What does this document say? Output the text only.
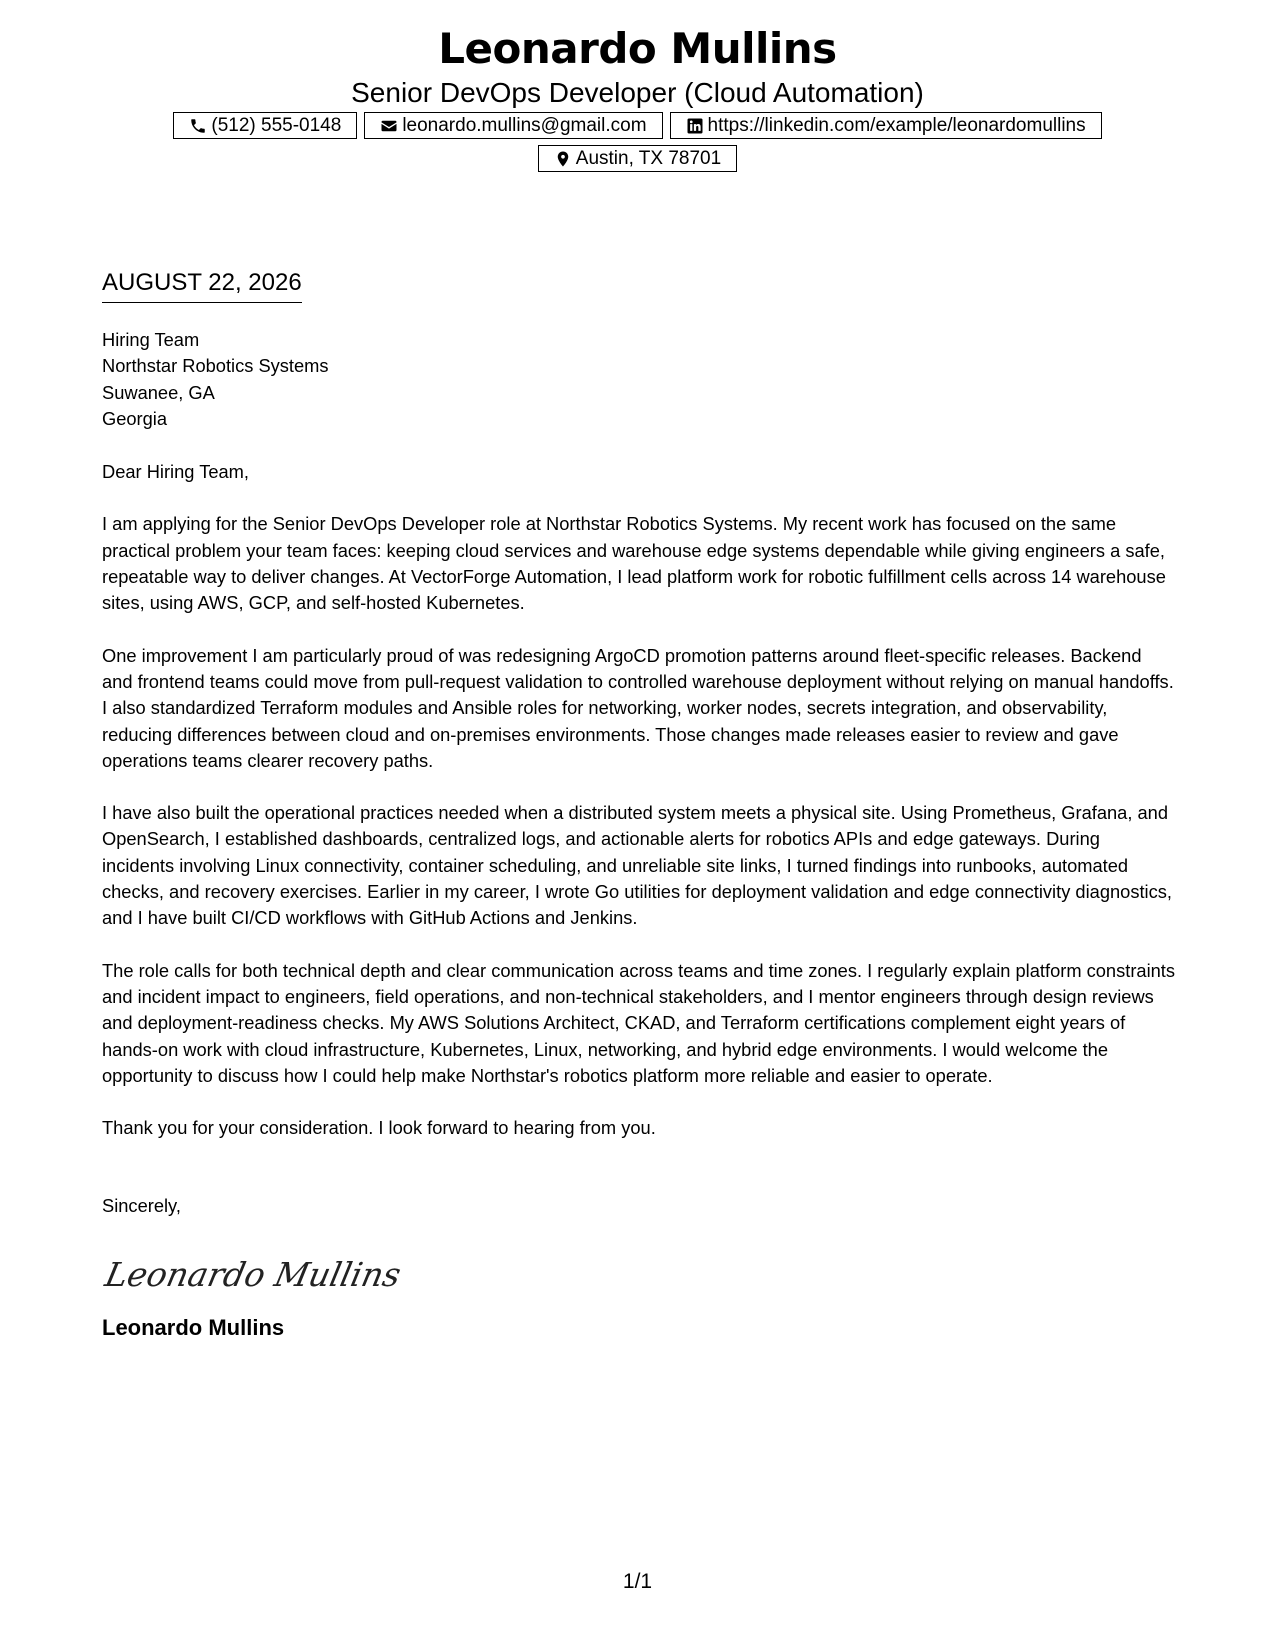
Leonardo Mullins
Senior DevOps Developer (Cloud Automation)
(512) 555-0148	leonardo.mullins@gmail.com	https://linkedin.com/example/leonardomullins
Austin, TX 78701
AUGUST 22, 2026
Hiring Team
Northstar Robotics Systems
Suwanee, GA
Georgia
Dear Hiring Team,

I am applying for the Senior DevOps Developer role at Northstar Robotics Systems. My recent work has focused on the same practical problem your team faces: keeping cloud services and warehouse edge systems dependable while giving engineers a safe, repeatable way to deliver changes. At VectorForge Automation, I lead platform work for robotic fulfillment cells across 14 warehouse sites, using AWS, GCP, and self-hosted Kubernetes.

One improvement I am particularly proud of was redesigning ArgoCD promotion patterns around fleet-specific releases. Backend and frontend teams could move from pull-request validation to controlled warehouse deployment without relying on manual handoffs. I also standardized Terraform modules and Ansible roles for networking, worker nodes, secrets integration, and observability, reducing differences between cloud and on-premises environments. Those changes made releases easier to review and gave operations teams clearer recovery paths.

I have also built the operational practices needed when a distributed system meets a physical site. Using Prometheus, Grafana, and OpenSearch, I established dashboards, centralized logs, and actionable alerts for robotics APIs and edge gateways. During incidents involving Linux connectivity, container scheduling, and unreliable site links, I turned findings into runbooks, automated checks, and recovery exercises. Earlier in my career, I wrote Go utilities for deployment validation and edge connectivity diagnostics, and I have built CI/CD workflows with GitHub Actions and Jenkins.

The role calls for both technical depth and clear communication across teams and time zones. I regularly explain platform constraints and incident impact to engineers, field operations, and non-technical stakeholders, and I mentor engineers through design reviews and deployment-readiness checks. My AWS Solutions Architect, CKAD, and Terraform certifications complement eight years of hands-on work with cloud infrastructure, Kubernetes, Linux, networking, and hybrid edge environments. I would welcome the opportunity to discuss how I could help make Northstar's robotics platform more reliable and easier to operate.

Thank you for your consideration. I look forward to hearing from you.

Sincerely,
Leonardo Mullins
Leonardo Mullins
1/1
